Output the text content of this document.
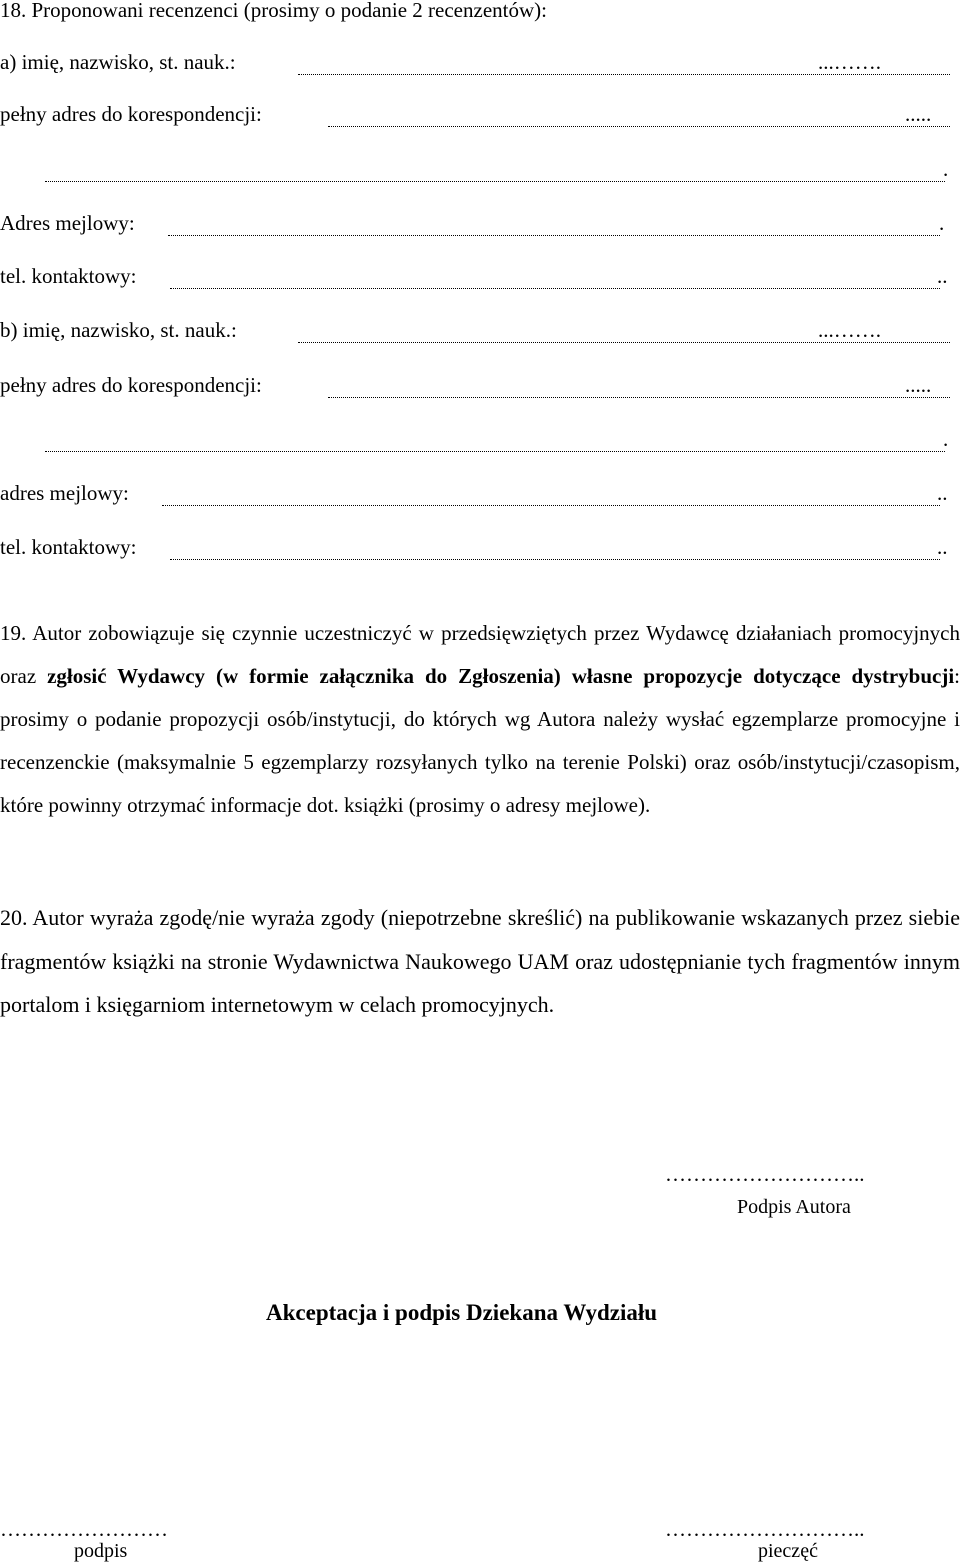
18. Proponowani recenzenci (prosimy o podanie 2 recenzentów):
a) imię, nazwisko, st. nauk.:	...…….
pełny adres do korespondencji:	.....
.
Adres mejlowy:	.
tel. kontaktowy:	..
b) imię, nazwisko, st. nauk.:	...…….
pełny adres do korespondencji:	.....
.
adres mejlowy:	..
tel. kontaktowy:	..
19. Autor zobowiązuje się czynnie uczestniczyć w przedsięwziętych przez Wydawcę działaniach promocyjnych oraz zgłosić Wydawcy (w formie załącznika do Zgłoszenia) własne propozycje dotyczące dystrybucji: prosimy o podanie propozycji osób/instytucji, do których wg Autora należy wysłać egzemplarze promocyjne i recenzenckie (maksymalnie 5 egzemplarzy rozsyłanych tylko na terenie Polski) oraz osób/instytucji/czasopism, które powinny otrzymać informacje dot. książki (prosimy o adresy mejlowe).
20. Autor wyraża zgodę/nie wyraża zgody (niepotrzebne skreślić) na publikowanie wskazanych przez siebie fragmentów książki na stronie Wydawnictwa Naukowego UAM oraz udostępnianie tych fragmentów innym portalom i księgarniom internetowym w celach promocyjnych.
………………………..
Podpis Autora
Akceptacja i podpis Dziekana Wydziału
……………………
podpis
………………………..
pieczęć
